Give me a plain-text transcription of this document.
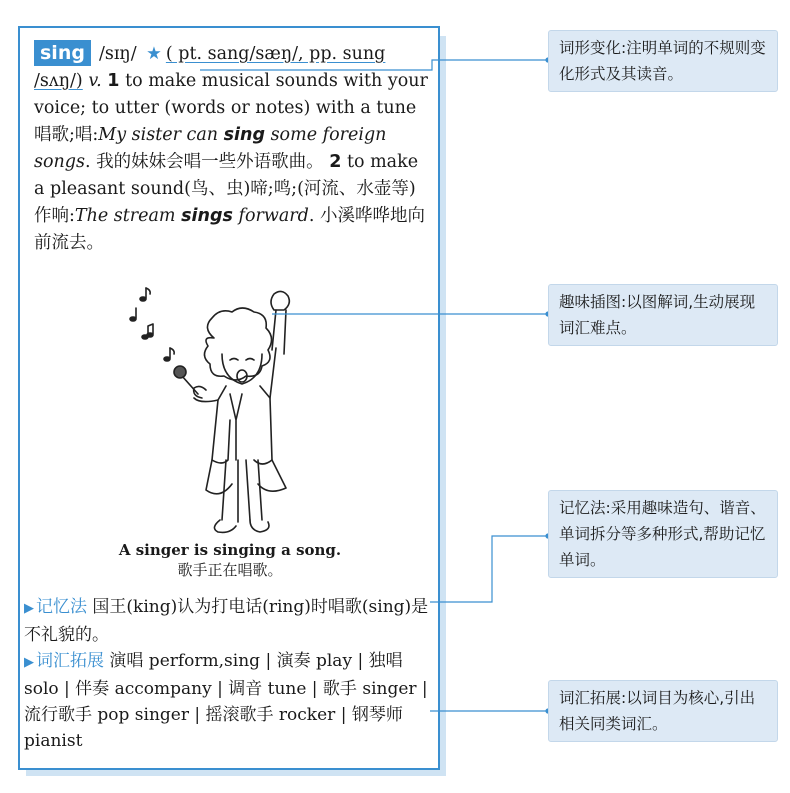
sing /sɪŋ/ ★ ( pt. sang/sæŋ/, pp. sung /sʌŋ/) v. 1 to make musical sounds with your voice; to utter (words or notes) with a tune 唱歌;唱:My sister can sing some foreign songs. 我的妹妹会唱一些外语歌曲。 2 to make a pleasant sound(鸟、虫)啼;鸣;(河流、水壶等)作响:The stream sings forward. 小溪哗哗地向前流去。
A singer is singing a song.
歌手正在唱歌。
▶ 记忆法 国王(king)认为打电话(ring)时唱歌(sing)是不礼貌的。
▶ 词汇拓展 演唱 perform,sing | 演奏 play | 独唱 solo | 伴奏 accompany | 调音 tune | 歌手 singer | 流行歌手 pop singer | 摇滚歌手 rocker | 钢琴师 pianist
词形变化:注明单词的不规则变化形式及其读音。
趣味插图:以图解词,生动展现词汇难点。
记忆法:采用趣味造句、谐音、单词拆分等多种形式,帮助记忆单词。
词汇拓展:以词目为核心,引出相关同类词汇。
